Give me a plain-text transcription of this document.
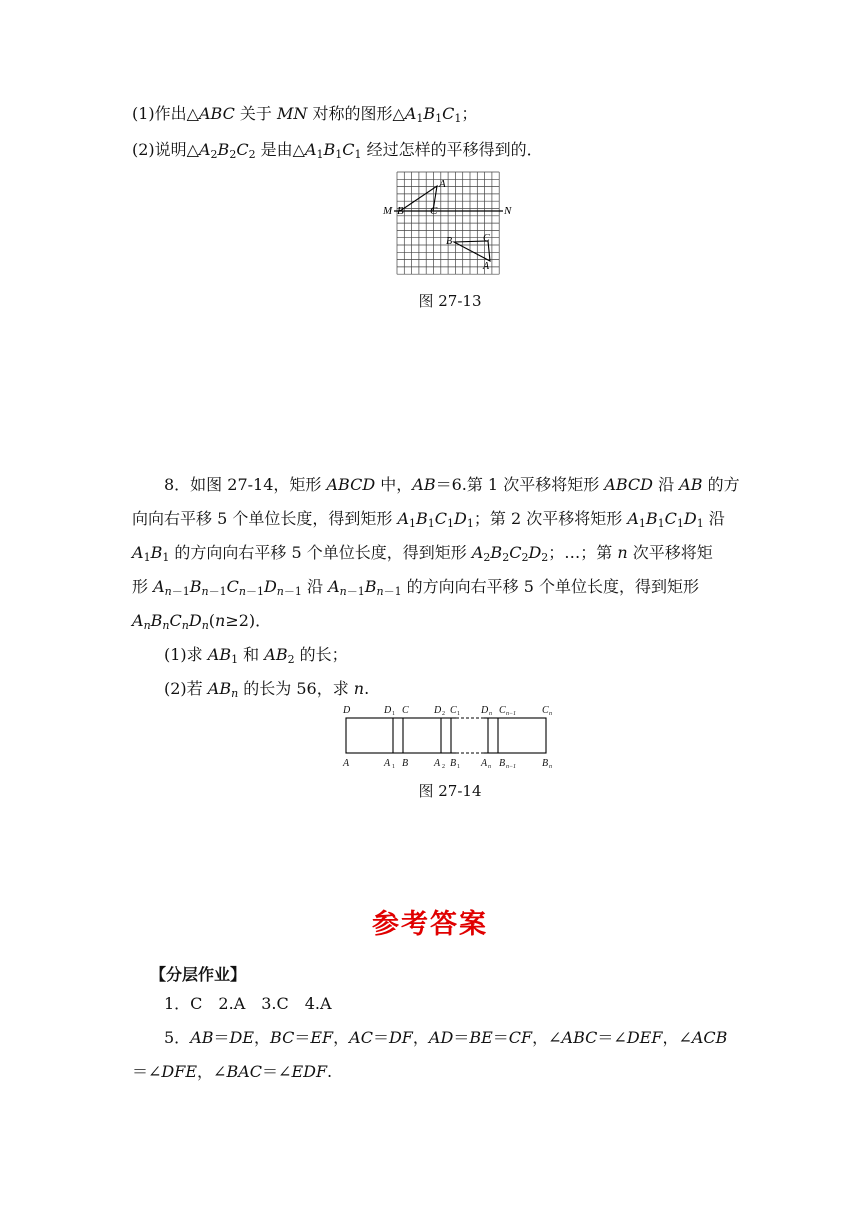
(1)作出△ABC 关于 MN 对称的图形$\triangle A_1B_1C_1$；
(2)说明$\triangle A_2B_2C_2$ 是由$\triangle A_1B_1C_1$ 经过怎样的平移得到的．
M B C
A
N
B	C
A
图 27-13
8．如图 27-14，矩形 ABCD 中，AB＝6.第 1 次平移将矩形 ABCD 沿 AB 的方
向向右平移 5 个单位长度，得到矩形 $A_1B_1C_1D_1$；第 2 次平移将矩形 $A_1B_1C_1D_1$ 沿
$A_1B_1$ 的方向向右平移 5 个单位长度，得到矩形 $A_2B_2C_2D_2$；…；第 n 次平移将矩
形 $A_{n-1}B_{n-1}C_{n-1}D_{n-1}$ 沿 $A_{n-1}B_{n-1}$ 的方向向右平移 5 个单位长度，得到矩形
$A_nB_nC_nD_n(n\ge 2)$．
(1)求 $AB_1$ 和 $AB_2$ 的长；
(2)若 $AB_n$ 的长为 56，求 n.
D	D 1 C	D 2 C 1 D n C n−1	C n
A	A 1 B	A 2 B 1 A n B n−1	B n
图 27-14
参考答案
【分层作业】
1．C　2.A　3.C　4.A
5．AB＝DE，BC＝EF，AC＝DF，AD＝BE＝CF，∠ABC＝∠DEF，∠ACB
＝∠DFE，∠BAC＝∠EDF.
